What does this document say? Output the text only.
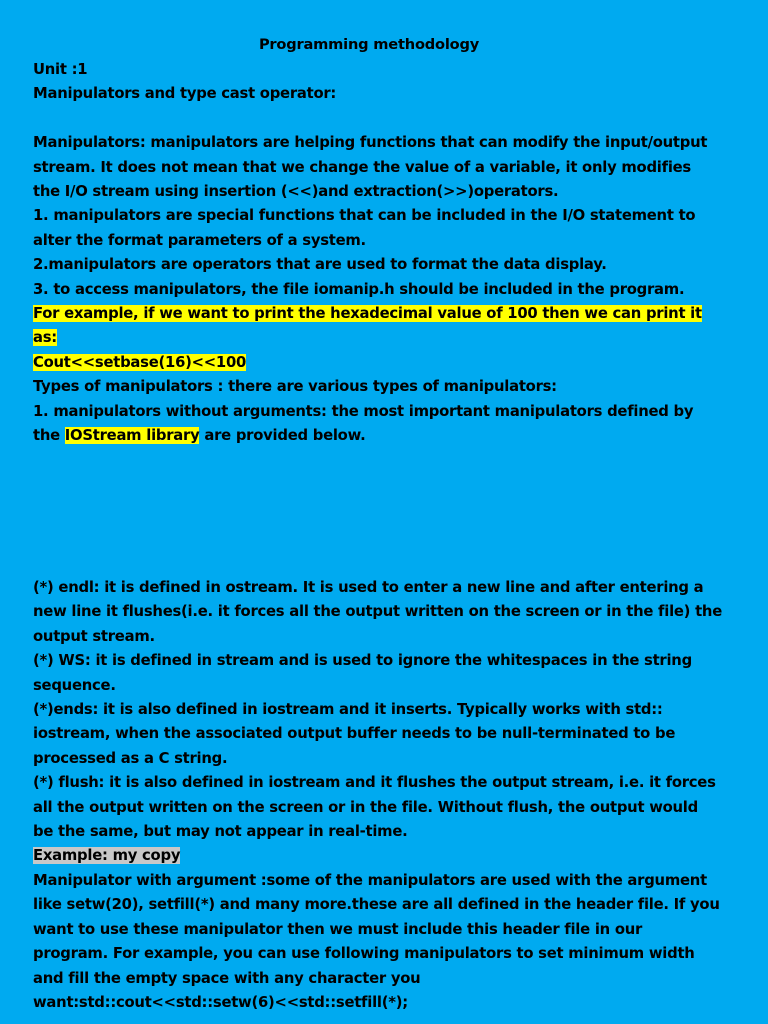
Programming methodology
Unit :1
Manipulators and type cast operator:
Manipulators: manipulators are helping functions that can modify the input/output
stream. It does not mean that we change the value of a variable, it only modifies
the I/O stream using insertion (<<)and extraction(>>)operators.
1. manipulators are special functions that can be included in the I/O statement to
alter the format parameters of a system.
2.manipulators are operators that are used to format the data display.
3. to access manipulators, the file iomanip.h should be included in the program.
For example, if we want to print the hexadecimal value of 100 then we can print it
as:
Cout<<setbase(16)<<100
Types of manipulators : there are various types of manipulators:
1. manipulators without arguments: the most important manipulators defined by
the IOStream library are provided below.
(*) endl: it is defined in ostream. It is used to enter a new line and after entering a
new line it flushes(i.e. it forces all the output written on the screen or in the file) the
output stream.
(*) WS: it is defined in stream and is used to ignore the whitespaces in the string
sequence.
(*)ends: it is also defined in iostream and it inserts. Typically works with std::
iostream, when the associated output buffer needs to be null-terminated to be
processed as a C string.
(*) flush: it is also defined in iostream and it flushes the output stream, i.e. it forces
all the output written on the screen or in the file. Without flush, the output would
be the same, but may not appear in real-time.
Example: my copy
Manipulator with argument :some of the manipulators are used with the argument
like setw(20), setfill(*) and many more.these are all defined in the header file. If you
want to use these manipulator then we must include this header file in our
program. For example, you can use following manipulators to set minimum width
and fill the empty space with any character you
want:std::cout<<std::setw(6)<<std::setfill(*);
